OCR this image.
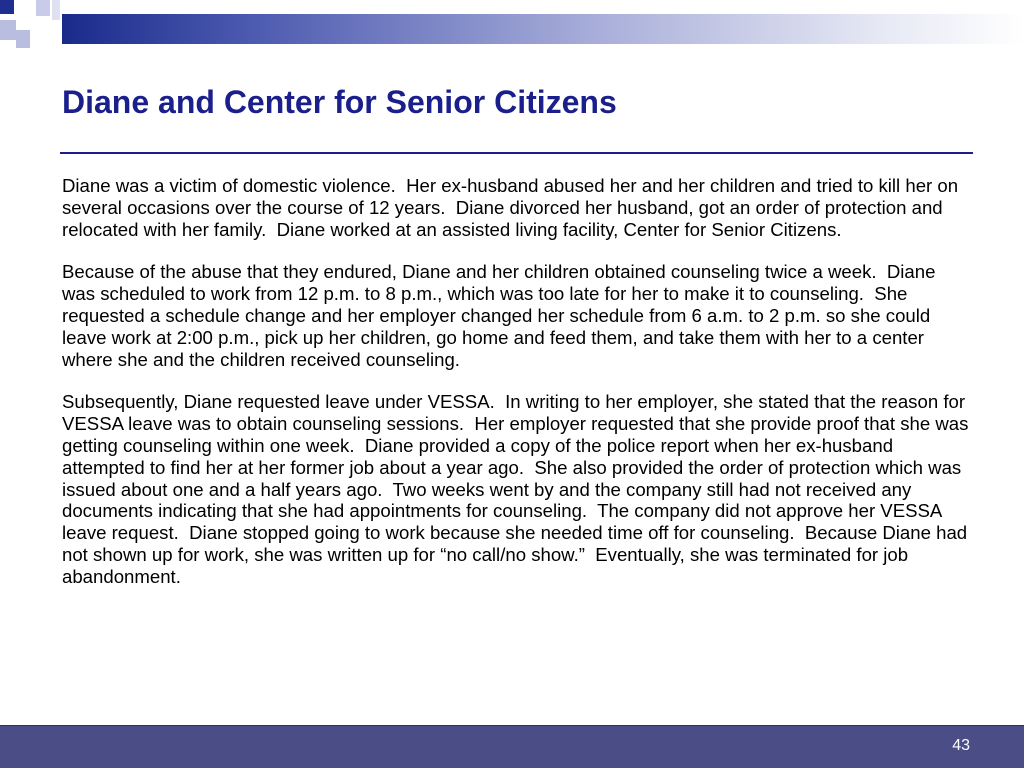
Diane and Center for Senior Citizens

Diane was a victim of domestic violence.  Her ex-husband abused her and her children and tried to kill her on several occasions over the course of 12 years.  Diane divorced her husband, got an order of protection and relocated with her family.  Diane worked at an assisted living facility, Center for Senior Citizens.

Because of the abuse that they endured, Diane and her children obtained counseling twice a week.  Diane was scheduled to work from 12 p.m. to 8 p.m., which was too late for her to make it to counseling.  She requested a schedule change and her employer changed her schedule from 6 a.m. to 2 p.m. so she could leave work at 2:00 p.m., pick up her children, go home and feed them, and take them with her to a center where she and the children received counseling.

Subsequently, Diane requested leave under VESSA.  In writing to her employer, she stated that the reason for VESSA leave was to obtain counseling sessions.  Her employer requested that she provide proof that she was getting counseling within one week.  Diane provided a copy of the police report when her ex-husband attempted to find her at her former job about a year ago.  She also provided the order of protection which was issued about one and a half years ago.  Two weeks went by and the company still had not received any documents indicating that she had appointments for counseling.  The company did not approve her VESSA leave request.  Diane stopped going to work because she needed time off for counseling.  Because Diane had not shown up for work, she was written up for “no call/no show.”  Eventually, she was terminated for job abandonment.

43
